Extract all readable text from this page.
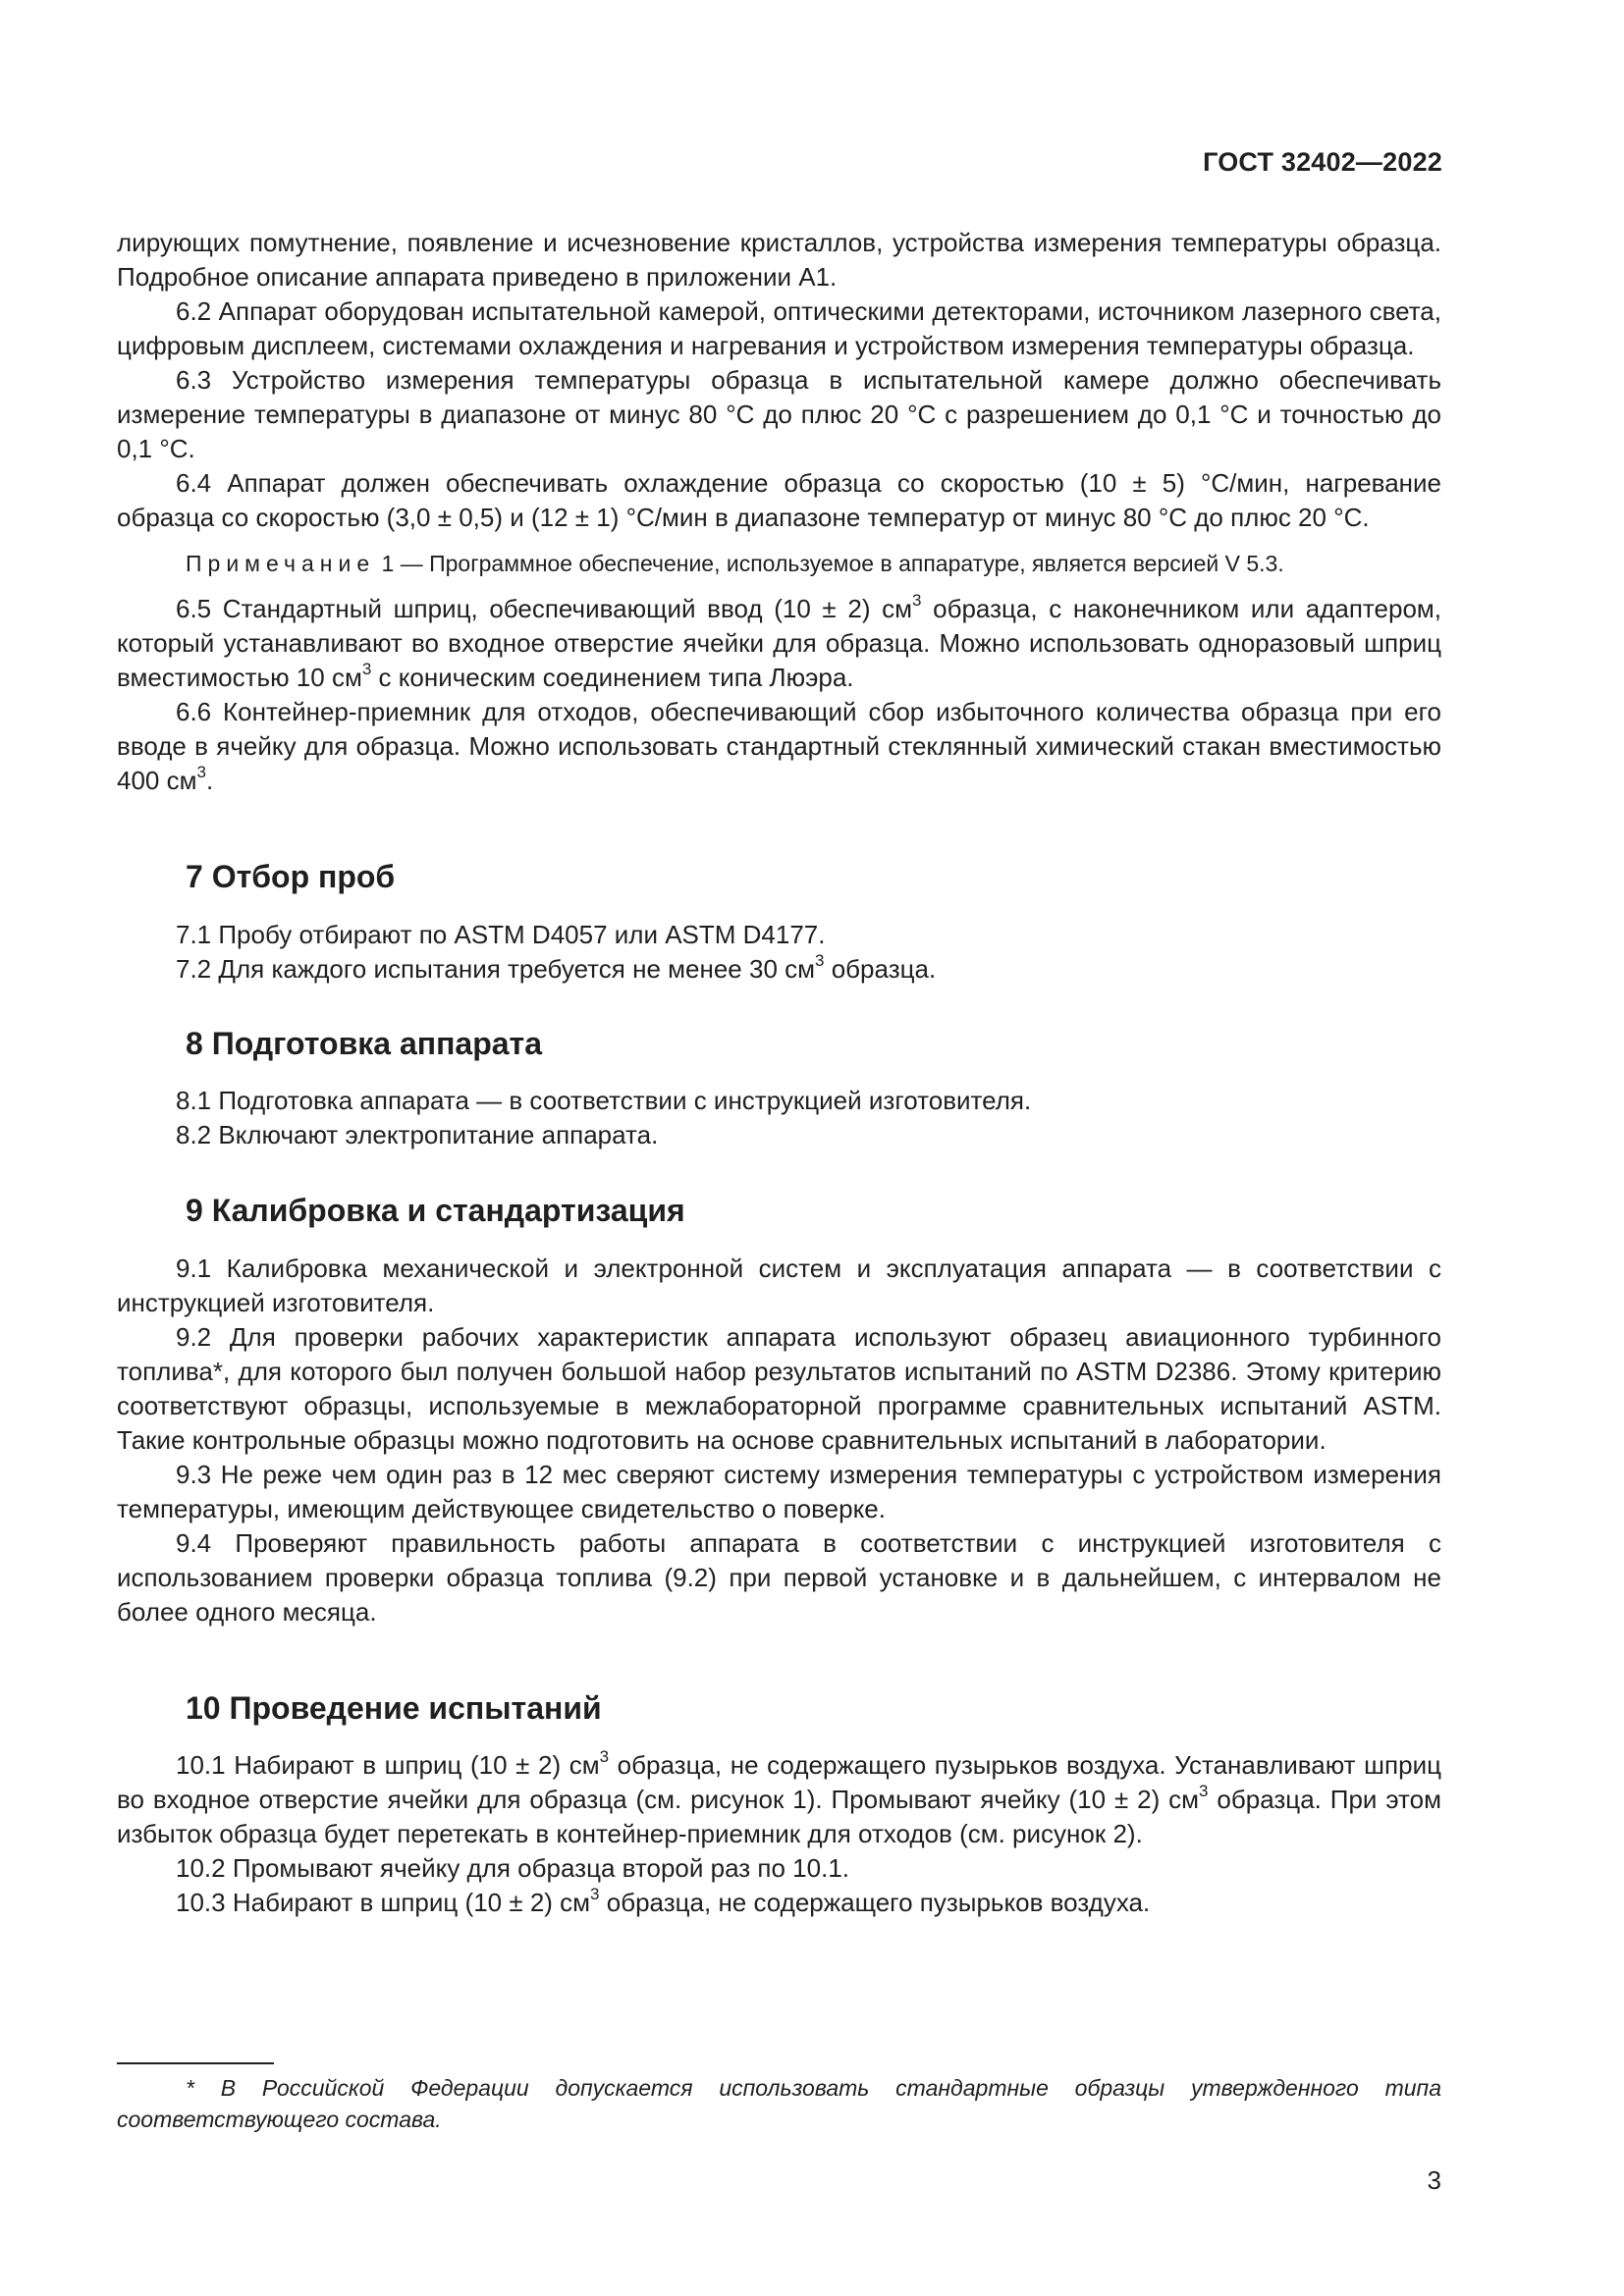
ГОСТ 32402—2022

лирующих помутнение, появление и исчезновение кристаллов, устройства измерения температуры образца. Подробное описание аппарата приведено в приложении А1.

6.2 Аппарат оборудован испытательной камерой, оптическими детекторами, источником лазерного света, цифровым дисплеем, системами охлаждения и нагревания и устройством измерения температуры образца.

6.3 Устройство измерения температуры образца в испытательной камере должно обеспечивать измерение температуры в диапазоне от минус 80 °С до плюс 20 °С с разрешением до 0,1 °С и точностью до 0,1 °С.

6.4 Аппарат должен обеспечивать охлаждение образца со скоростью (10 ± 5) °С/мин, нагревание образца со скоростью (3,0 ± 0,5) и (12 ± 1) °С/мин в диапазоне температур от минус 80 °С до плюс 20 °С.

Примечание 1 — Программное обеспечение, используемое в аппаратуре, является версией V 5.3.

6.5 Стандартный шприц, обеспечивающий ввод (10 ± 2) $см^3$ образца, с наконечником или адаптером, который устанавливают во входное отверстие ячейки для образца. Можно использовать одноразовый шприц вместимостью 10 $см^3$ с коническим соединением типа Люэра.

6.6 Контейнер-приемник для отходов, обеспечивающий сбор избыточного количества образца при его вводе в ячейку для образца. Можно использовать стандартный стеклянный химический стакан вместимостью 400 $см^3$.

7 Отбор проб

7.1 Пробу отбирают по ASTM D4057 или ASTM D4177.

7.2 Для каждого испытания требуется не менее 30 $см^3$ образца.

8 Подготовка аппарата

8.1 Подготовка аппарата — в соответствии с инструкцией изготовителя.

8.2 Включают электропитание аппарата.

9 Калибровка и стандартизация

9.1 Калибровка механической и электронной систем и эксплуатация аппарата — в соответствии с инструкцией изготовителя.

9.2 Для проверки рабочих характеристик аппарата используют образец авиационного турбинного топлива*, для которого был получен большой набор результатов испытаний по ASTM D2386. Этому критерию соответствуют образцы, используемые в межлабораторной программе сравнительных испытаний ASTM. Такие контрольные образцы можно подготовить на основе сравнительных испытаний в лаборатории.

9.3 Не реже чем один раз в 12 мес сверяют систему измерения температуры с устройством измерения температуры, имеющим действующее свидетельство о поверке.

9.4 Проверяют правильность работы аппарата в соответствии с инструкцией изготовителя с использованием проверки образца топлива (9.2) при первой установке и в дальнейшем, с интервалом не более одного месяца.

10 Проведение испытаний

10.1 Набирают в шприц (10 ± 2) $см^3$ образца, не содержащего пузырьков воздуха. Устанавливают шприц во входное отверстие ячейки для образца (см. рисунок 1). Промывают ячейку (10 ± 2) $см^3$ образца. При этом избыток образца будет перетекать в контейнер-приемник для отходов (см. рисунок 2).

10.2 Промывают ячейку для образца второй раз по 10.1.

10.3 Набирают в шприц (10 ± 2) $см^3$ образца, не содержащего пузырьков воздуха.

* В Российской Федерации допускается использовать стандартные образцы утвержденного типа соответствующего состава.
3
